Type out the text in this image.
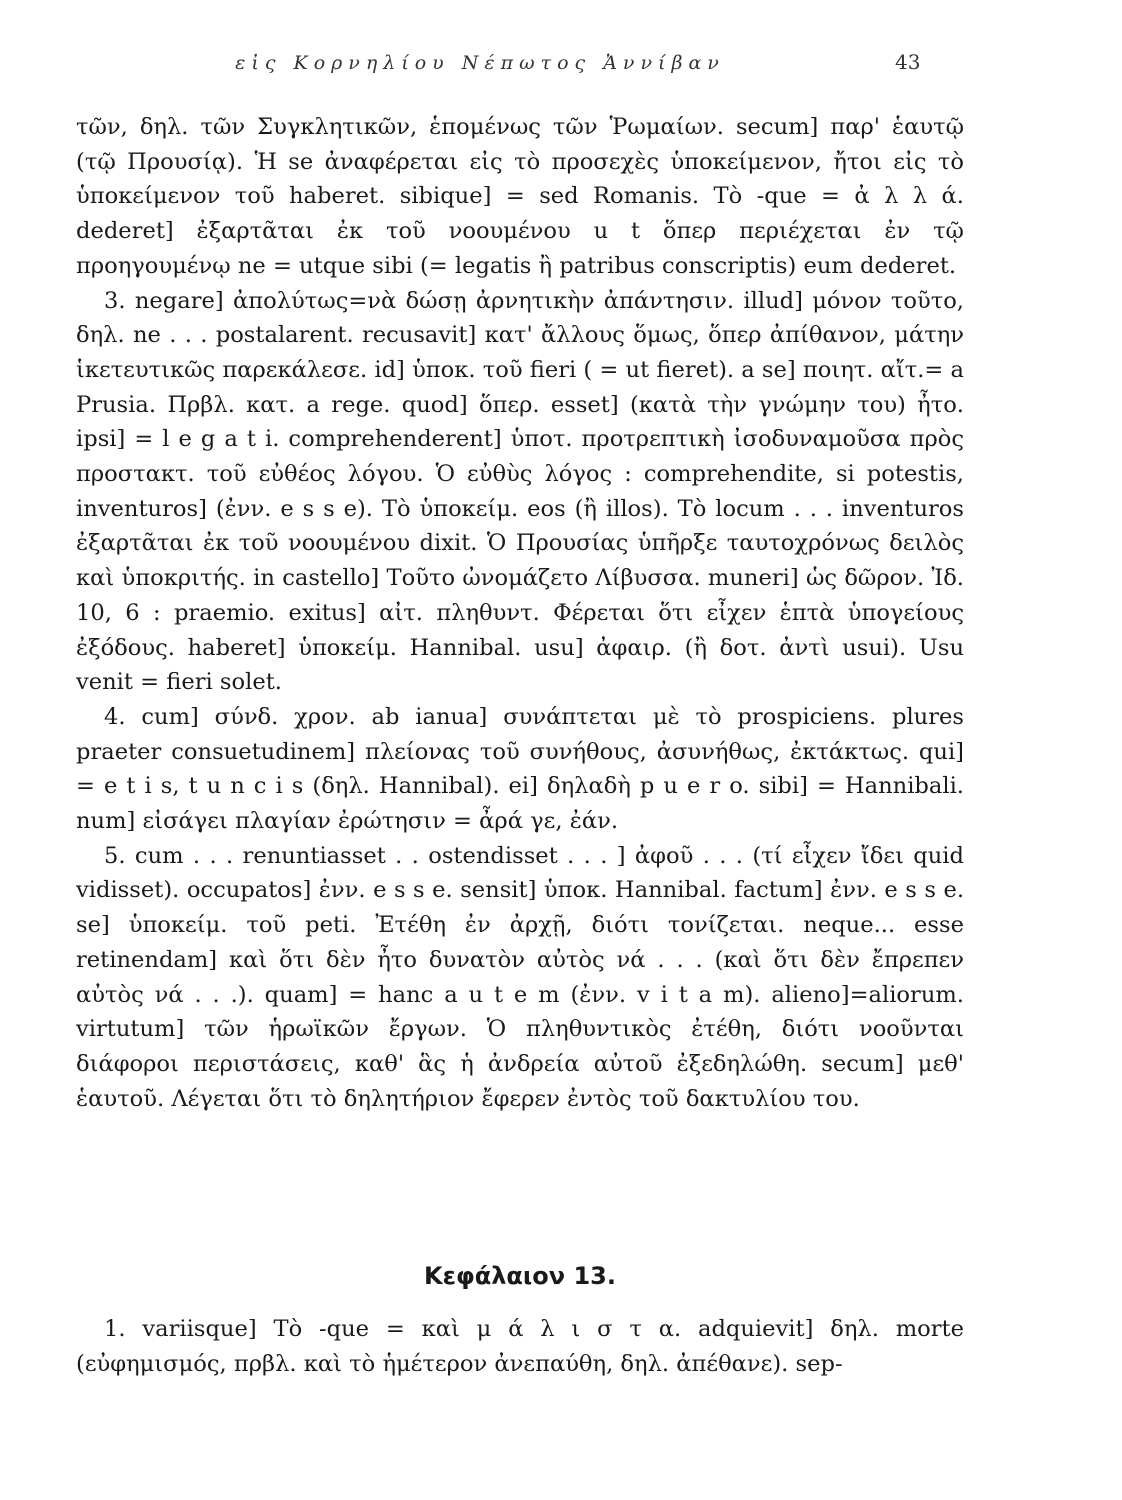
εἰς Κορνηλίου Νέπωτος Ἀννίβαν	43

τῶν, δηλ. τῶν Συγκλητικῶν, ἑπομένως τῶν Ῥωμαίων. secum] παρ' ἑαυτῷ (τῷ Προυσίᾳ). Ἡ se ἀναφέρεται εἰς τὸ προσεχὲς ὑποκείμενον, ἤτοι εἰς τὸ ὑποκείμενον τοῦ haberet. sibique] = sed Romanis. Τὸ -que = ἀ λ λ ά. dederet] ἐξαρτᾶται ἐκ τοῦ νοουμένου u t ὅπερ περιέχεται ἐν τῷ προηγουμένῳ ne = utque sibi (= legatis ἢ patribus conscriptis) eum dederet.

3. negare] ἀπολύτως=νὰ δώσῃ ἀρνητικὴν ἀπάντησιν. illud] μόνον τοῦτο, δηλ. ne . . . postalarent. recusavit] κατ' ἄλλους ὅμως, ὅπερ ἀπίθανον, μάτην ἱκετευτικῶς παρεκάλεσε. id] ὑποκ. τοῦ fieri ( = ut fieret). a se] ποιητ. αἴτ.= a Prusia. Πρβλ. κατ. a rege. quod] ὅπερ. esset] (κατὰ τὴν γνώμην του) ἦτο. ipsi] = l e g a t i. comprehenderent] ὑποτ. προτρεπτικὴ ἰσοδυναμοῦσα πρὸς προστακτ. τοῦ εὐθέος λόγου. Ὁ εὐθὺς λόγος : comprehendite, si potestis, inventuros] (ἐνν. e s s e). Τὸ ὑποκείμ. eos (ἢ illos). Τὸ locum . . . inventuros ἐξαρτᾶται ἐκ τοῦ νοουμένου dixit. Ὁ Προυσίας ὑπῆρξε ταυτοχρόνως δειλὸς καὶ ὑποκριτής. in castello] Τοῦτο ὠνομάζετο Λίβυσσα. muneri] ὡς δῶρον. Ἰδ. 10, 6 : praemio. exitus] αἰτ. πληθυντ. Φέρεται ὅτι εἶχεν ἑπτὰ ὑπογείους ἐξόδους. haberet] ὑποκείμ. Hannibal. usu] ἀφαιρ. (ἢ δοτ. ἀντὶ usui). Usu venit = fieri solet.

4. cum] σύνδ. χρον. ab ianua] συνάπτεται μὲ τὸ prospiciens. plures praeter consuetudinem] πλείονας τοῦ συνήθους, ἀσυνήθως, ἐκτάκτως. qui] = e t i s, t u n c i s (δηλ. Hannibal). ei] δηλαδὴ p u e r o. sibi] = Hannibali. num] εἰσάγει πλαγίαν ἐρώτησιν = ἆρά γε, ἐάν.

5. cum . . . renuntiasset . . ostendisset . . . ] ἀφοῦ . . . (τί εἶχεν ἴδει quid vidisset). occupatos] ἐνν. e s s e. sensit] ὑποκ. Hannibal. factum] ἐνν. e s s e. se] ὑποκείμ. τοῦ peti. Ἐτέθη ἐν ἀρχῇ, διότι τονίζεται. neque... esse retinendam] καὶ ὅτι δὲν ἦτο δυνατὸν αὐτὸς νά . . . (καὶ ὅτι δὲν ἔπρεπεν αὐτὸς νά . . .). quam] = hanc a u t e m (ἐνν. v i t a m). alieno]=aliorum. virtutum] τῶν ἡρωϊκῶν ἔργων. Ὁ πληθυντικὸς ἐτέθη, διότι νοοῦνται διάφοροι περιστάσεις, καθ' ἃς ἡ ἀνδρεία αὐτοῦ ἐξεδηλώθη. secum] μεθ' ἑαυτοῦ. Λέγεται ὅτι τὸ δηλητήριον ἔφερεν ἐντὸς τοῦ δακτυλίου του.

Κεφάλαιον 13.

1. variisque] Τὸ -que = καὶ μ ά λ ι σ τ α. adquievit] δηλ. morte (εὐφημισμός, πρβλ. καὶ τὸ ἡμέτερον ἀνεπαύθη, δηλ. ἀπέθανε). sep-
